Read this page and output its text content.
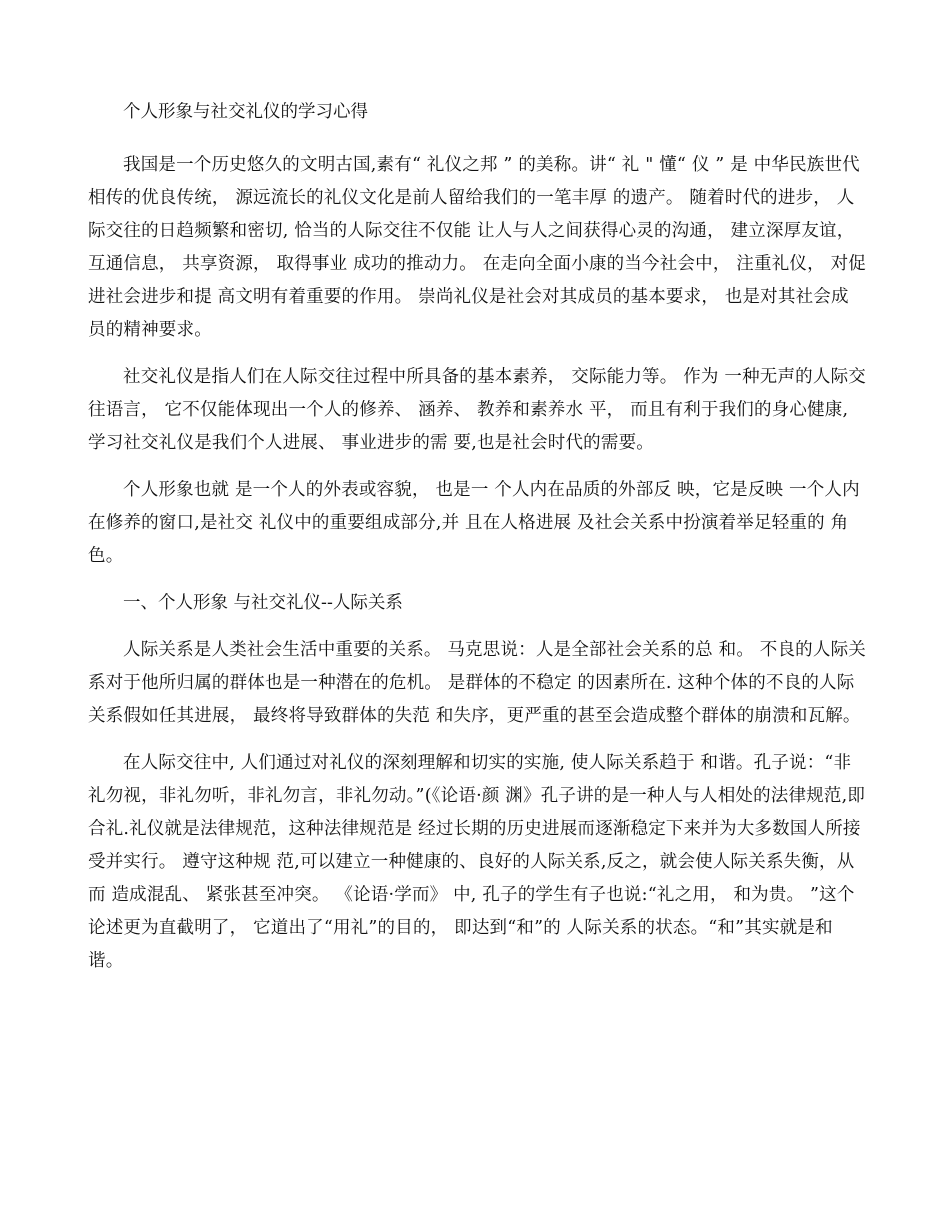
个人形象与社交礼仪的学习心得

我国是一个历史悠久的文明古国,素有“ 礼仪之邦 ” 的美称。讲“ 礼 " 懂“ 仪 ” 是 中华民族世代相传的优良传统， 源远流长的礼仪文化是前人留给我们的一笔丰厚 的遗产。 随着时代的进步， 人际交往的日趋频繁和密切, 恰当的人际交往不仅能 让人与人之间获得心灵的沟通， 建立深厚友谊， 互通信息， 共享资源， 取得事业 成功的推动力。 在走向全面小康的当今社会中， 注重礼仪， 对促进社会进步和提 高文明有着重要的作用。 崇尚礼仪是社会对其成员的基本要求， 也是对其社会成 员的精神要求。

社交礼仪是指人们在人际交往过程中所具备的基本素养， 交际能力等。 作为 一种无声的人际交往语言， 它不仅能体现出一个人的修养、 涵养、 教养和素养水 平， 而且有利于我们的身心健康, 学习社交礼仪是我们个人进展、 事业进步的需 要,也是社会时代的需要。

个人形象也就 是一个人的外表或容貌， 也是一 个人内在品质的外部反 映，它是反映 一个人内在修养的窗口,是社交 礼仪中的重要组成部分,并 且在人格进展 及社会关系中扮演着举足轻重的 角色。

一、个人形象 与社交礼仪--人际关系

人际关系是人类社会生活中重要的关系。 马克思说：人是全部社会关系的总 和。 不良的人际关系对于他所归属的群体也是一种潜在的危机。 是群体的不稳定 的因素所在. 这种个体的不良的人际关系假如任其进展， 最终将导致群体的失范 和失序，更严重的甚至会造成整个群体的崩溃和瓦解。

在人际交往中, 人们通过对礼仪的深刻理解和切实的实施, 使人际关系趋于 和谐。孔子说：“非礼勿视，非礼勿听，非礼勿言，非礼勿动。”(《论语·颜 渊》孔子讲的是一种人与人相处的法律规范,即合礼.礼仪就是法律规范，这种法律规范是 经过长期的历史进展而逐渐稳定下来并为大多数国人所接受并实行。 遵守这种规 范,可以建立一种健康的、良好的人际关系,反之，就会使人际关系失衡，从而 造成混乱、 紧张甚至冲突。 《论语·学而》 中, 孔子的学生有子也说:“礼之用， 和为贵。 ”这个论述更为直截明了， 它道出了“用礼”的目的， 即达到“和”的 人际关系的状态。“和”其实就是和谐。
